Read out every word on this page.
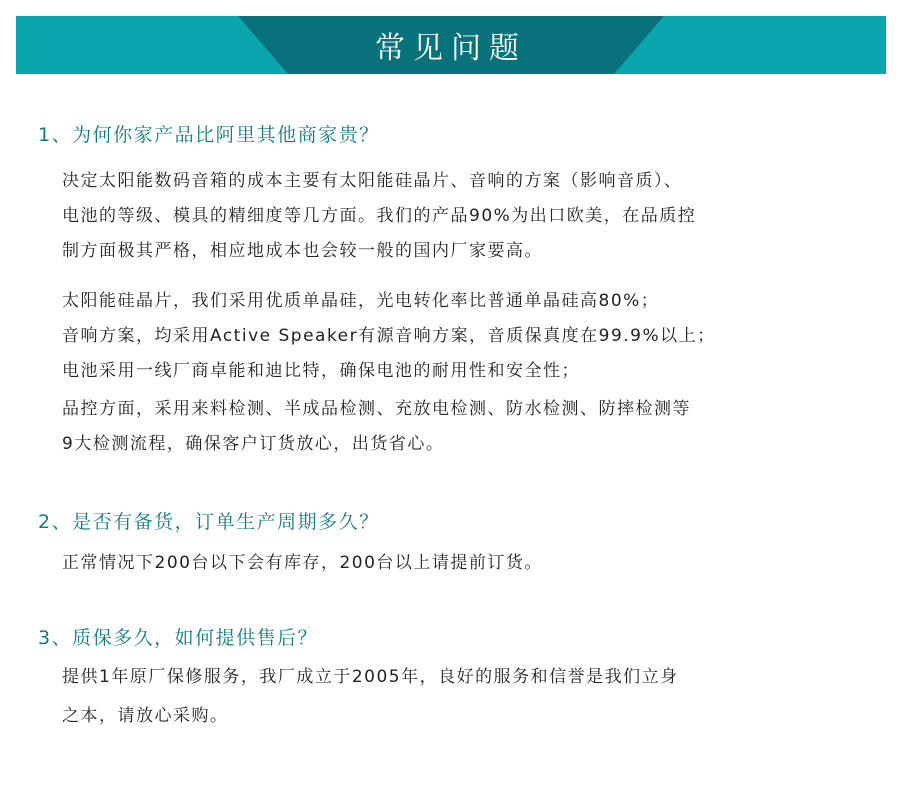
常见问题
1、为何你家产品比阿里其他商家贵？

决定太阳能数码音箱的成本主要有太阳能硅晶片、音响的方案（影响音质）、

电池的等级、模具的精细度等几方面。我们的产品90%为出口欧美，在品质控

制方面极其严格，相应地成本也会较一般的国内厂家要高。

太阳能硅晶片，我们采用优质单晶硅，光电转化率比普通单晶硅高80%；

音响方案，均采用Active Speaker有源音响方案，音质保真度在99.9%以上；

电池采用一线厂商卓能和迪比特，确保电池的耐用性和安全性；

品控方面，采用来料检测、半成品检测、充放电检测、防水检测、防摔检测等

9大检测流程，确保客户订货放心，出货省心。

2、是否有备货，订单生产周期多久？

正常情况下200台以下会有库存，200台以上请提前订货。

3、质保多久，如何提供售后？

提供1年原厂保修服务，我厂成立于2005年，良好的服务和信誉是我们立身

之本，请放心采购。
